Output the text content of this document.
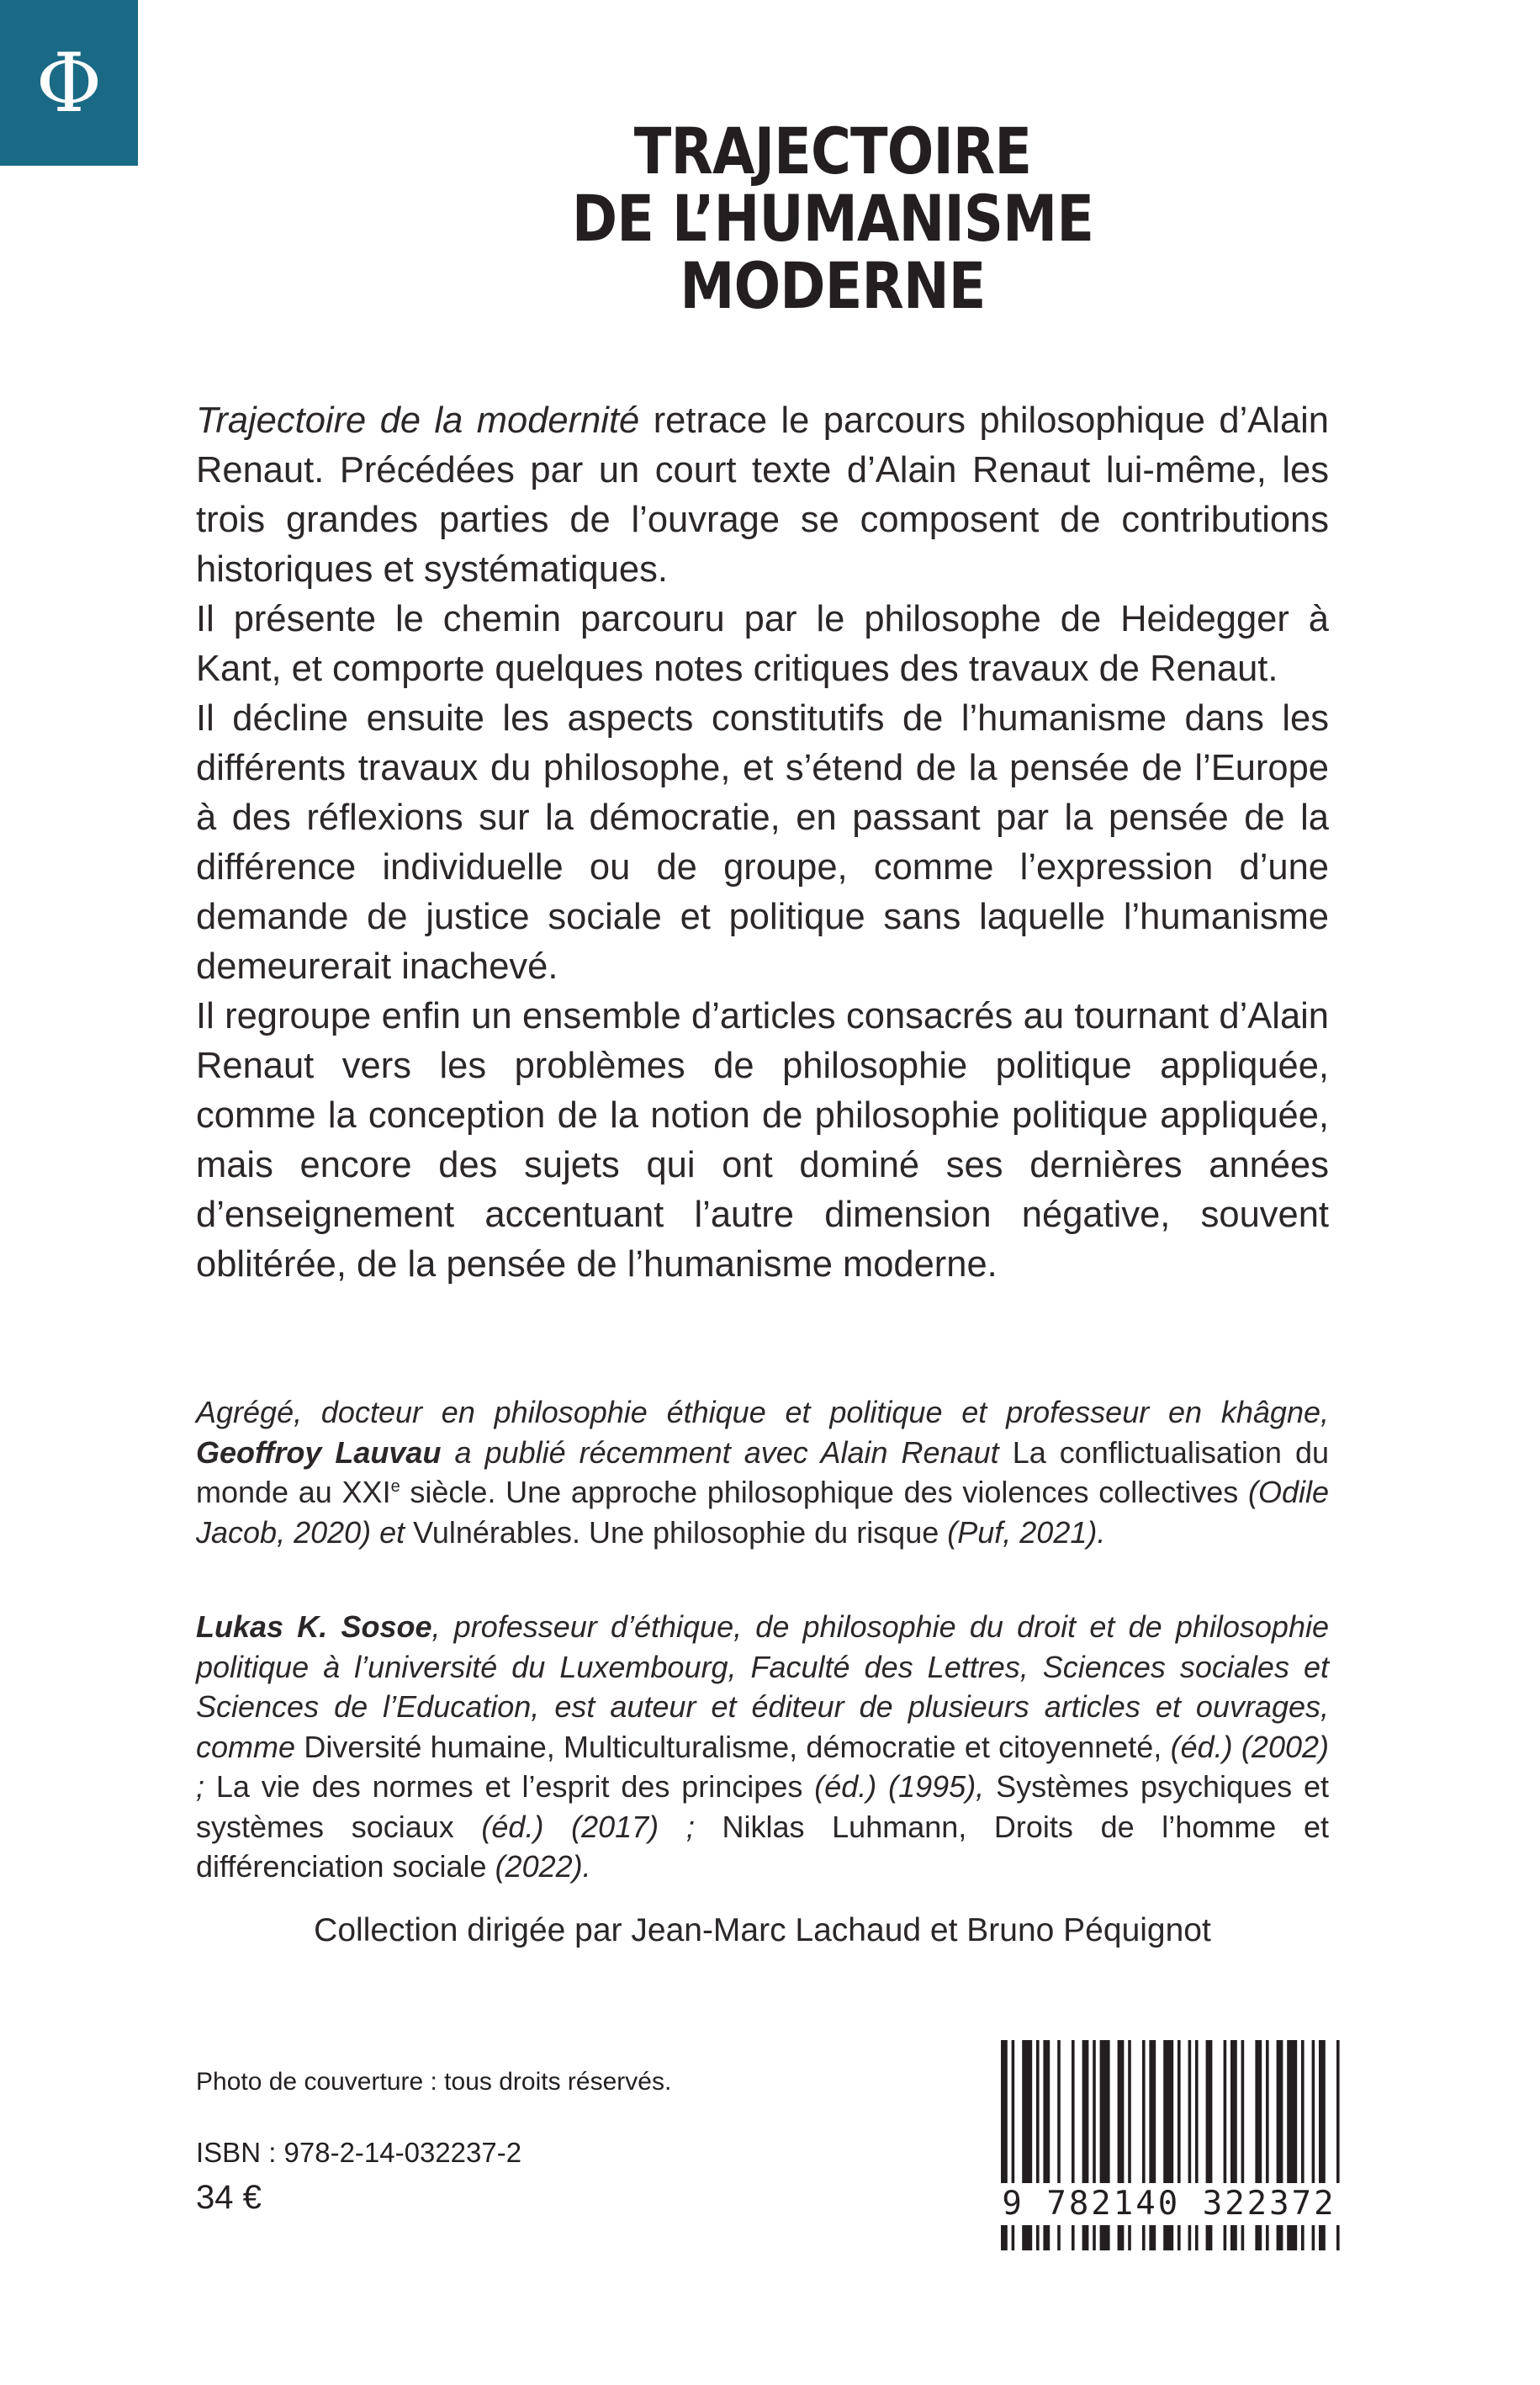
Φ
TRAJECTOIRE
DE L’HUMANISME
MODERNE

Trajectoire de la modernité retrace le parcours philosophique d’Alain Renaut. Précédées par un court texte d’Alain Renaut lui-même, les trois grandes parties de l’ouvrage se composent de contributions historiques et systématiques.

Il présente le chemin parcouru par le philosophe de Heidegger à Kant, et comporte quelques notes critiques des travaux de Renaut.

Il décline ensuite les aspects constitutifs de l’humanisme dans les différents travaux du philosophe, et s’étend de la pensée de l’Europe à des réflexions sur la démocratie, en passant par la pensée de la différence individuelle ou de groupe, comme l’expression d’une demande de justice sociale et politique sans laquelle l’humanisme demeurerait inachevé.

Il regroupe enfin un ensemble d’articles consacrés au tournant d’Alain Renaut vers les problèmes de philosophie politique appliquée, comme la conception de la notion de philosophie politique appliquée, mais encore des sujets qui ont dominé ses dernières années d’enseignement accentuant l’autre dimension négative, souvent oblitérée, de la pensée de l’humanisme moderne.

Agrégé, docteur en philosophie éthique et politique et professeur en khâgne, Geoffroy Lauvau a publié récemment avec Alain Renaut La conflictualisation du monde au XXIe siècle. Une approche philosophique des violences collectives (Odile Jacob, 2020) et Vulnérables. Une philosophie du risque (Puf, 2021).

Lukas K. Sosoe, professeur d’éthique, de philosophie du droit et de philosophie politique à l’université du Luxembourg, Faculté des Lettres, Sciences sociales et Sciences de l’Education, est auteur et éditeur de plusieurs articles et ouvrages, comme Diversité humaine, Multiculturalisme, démocratie et citoyenneté, (éd.) (2002) ; La vie des normes et l’esprit des principes (éd.) (1995), Systèmes psychiques et systèmes sociaux (éd.) (2017) ; Niklas Luhmann, Droits de l’homme et différenciation sociale (2022).

Collection dirigée par Jean-Marc Lachaud et Bruno Péquignot
Photo de couverture : tous droits réservés.
ISBN : 978-2-14-032237-2
34 €	9 782140 322372
